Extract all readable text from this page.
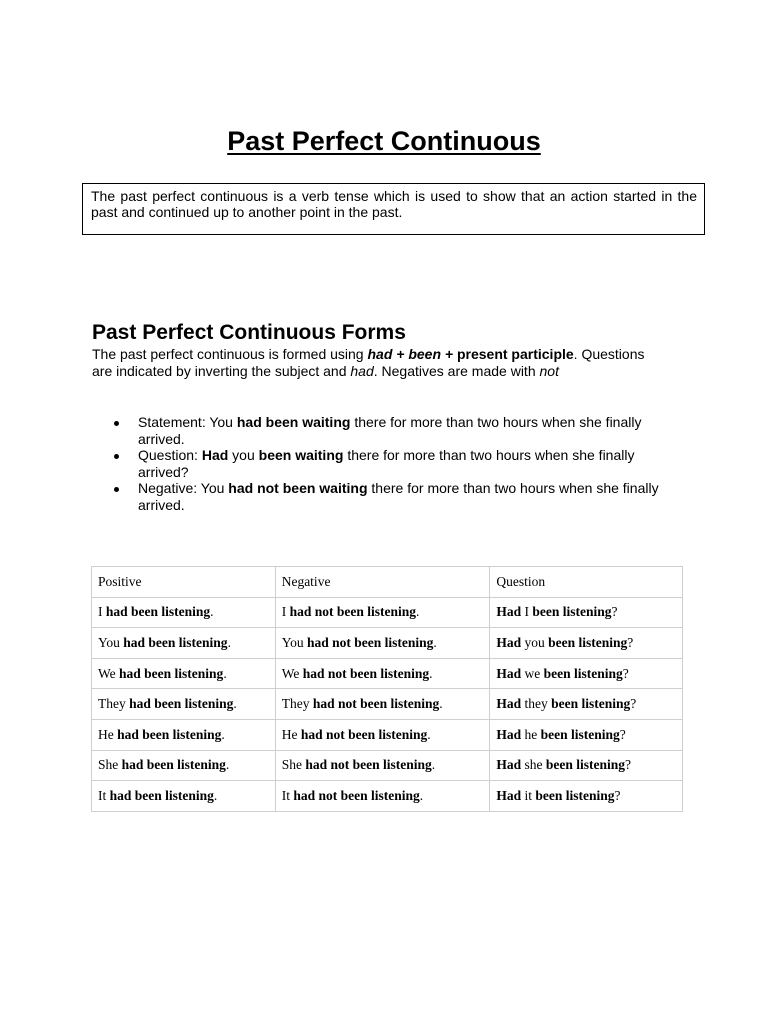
Past Perfect Continuous
The past perfect continuous is a verb tense which is used to show that an action started in the past and continued up to another point in the past.
Past Perfect Continuous Forms

The past perfect continuous is formed using had + been + present participle. Questions are indicated by inverting the subject and had. Negatives are made with not

Statement: You had been waiting there for more than two hours when she finally arrived.
Question: Had you been waiting there for more than two hours when she finally arrived?
Negative: You had not been waiting there for more than two hours when she finally arrived.
Positive	Negative	Question
I had been listening.	I had not been listening.	Had I been listening?
You had been listening.	You had not been listening.	Had you been listening?
We had been listening.	We had not been listening.	Had we been listening?
They had been listening.	They had not been listening.	Had they been listening?
He had been listening.	He had not been listening.	Had he been listening?
She had been listening.	She had not been listening.	Had she been listening?
It had been listening.	It had not been listening.	Had it been listening?
